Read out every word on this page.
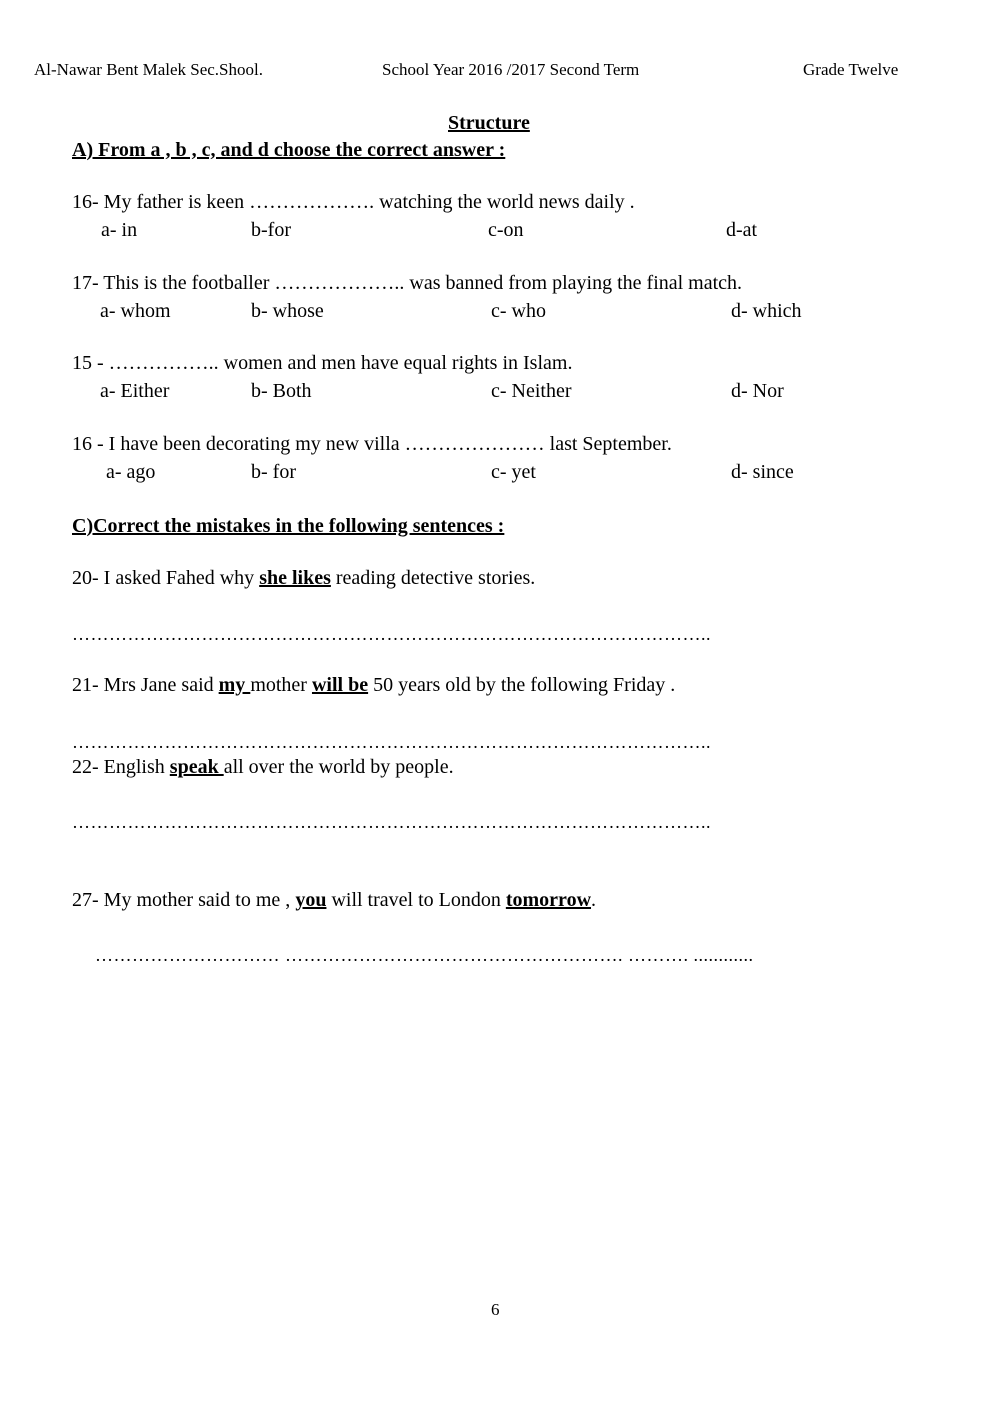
Al-Nawar Bent Malek Sec.Shool.	School Year 2016 /2017 Second Term	Grade Twelve
Structure
A) From a , b , c, and d choose the correct answer :
16- My father is keen ………………. watching the world news daily .
a- in	b-for	c-on	d-at
17- This is the footballer ……………….. was banned from playing the final match.
a- whom	b- whose	c- who	d- which
15 - …………….. women and men have equal rights in Islam.
a- Either	b- Both	c- Neither	d- Nor
16 - I have been decorating my new villa ………………… last September.
a- ago	b- for	c- yet	d- since
C)Correct the mistakes in the following sentences :
20- I asked Fahed why she likes reading detective stories.
…………………………………………………………………………………………..
21- Mrs Jane said my mother will be 50 years old by the following Friday .
…………………………………………………………………………………………..
22- English speak all over the world by people.
…………………………………………………………………………………………..
27- My mother said to me , you will travel to London tomorrow.
………………………… ………………………………………………. ………. ............
6
